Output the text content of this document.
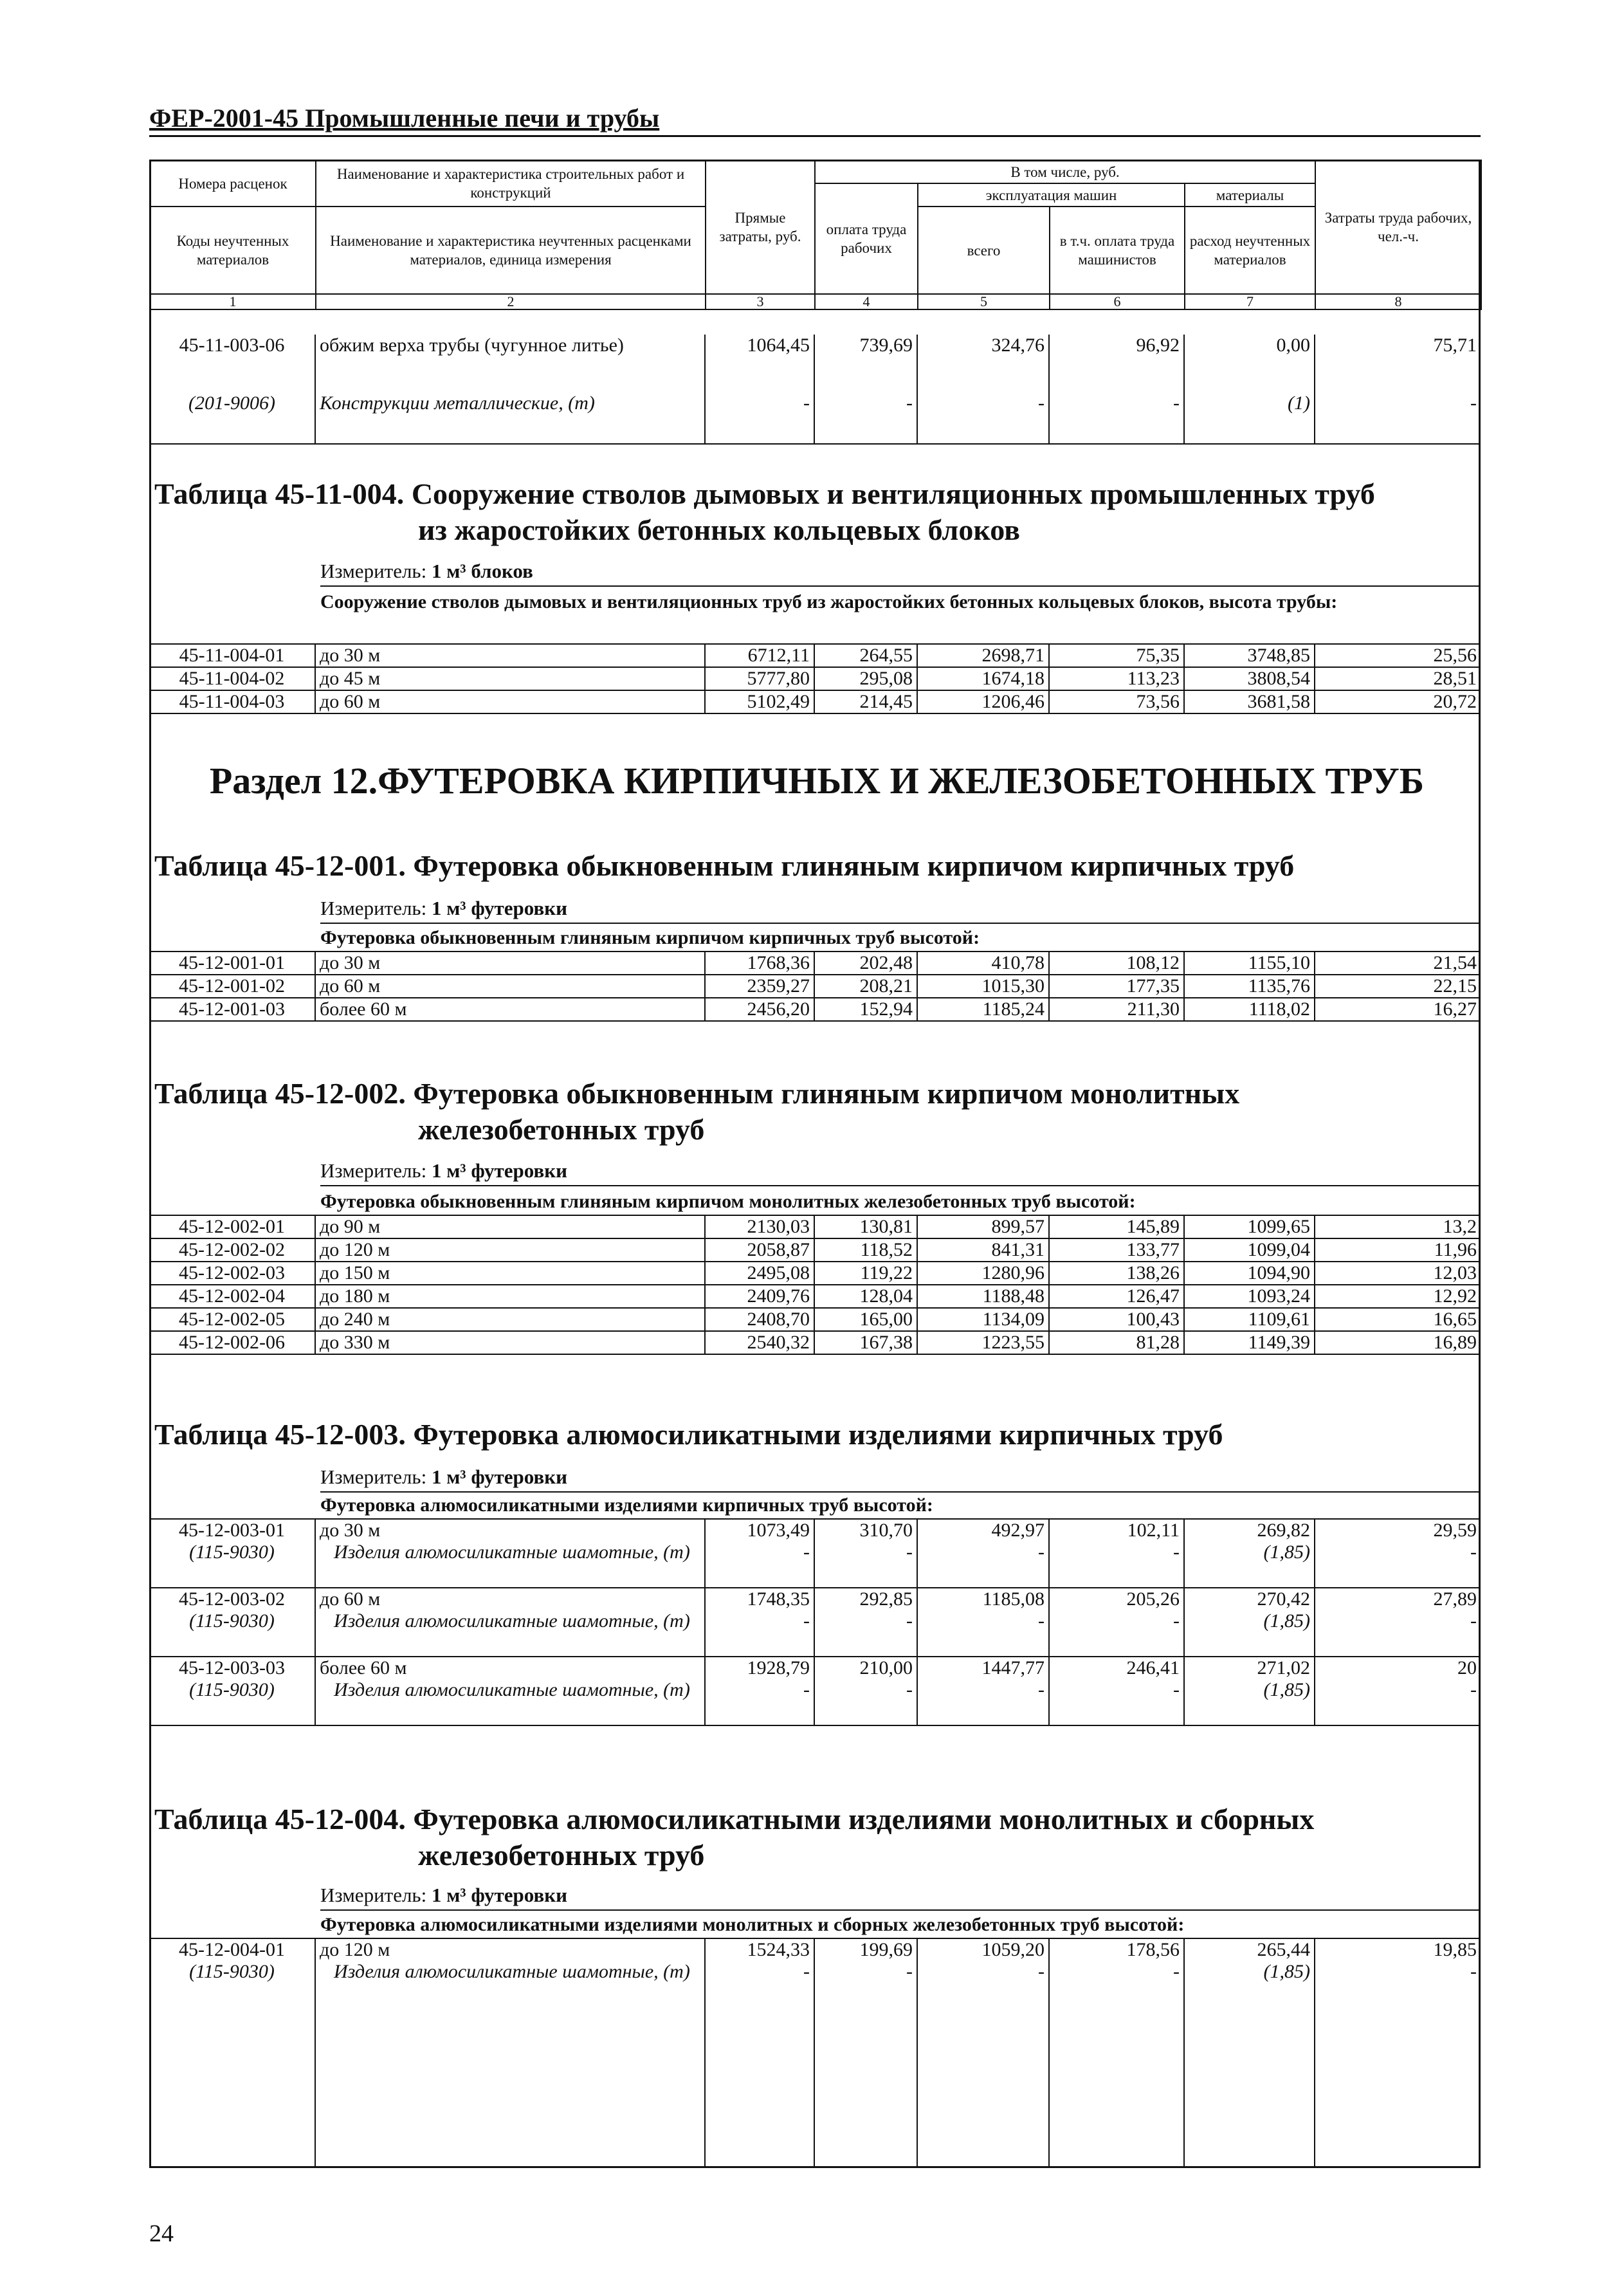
ФЕР-2001-45 Промышленные печи и трубы
Номера расценок	Наименование и характеристика строительных работ и конструкций	Прямые затраты, руб.	В том числе, руб.				Затраты труда рабочих, чел.-ч.
			оплата труда рабочих	эксплуатация машин		материалы	
Коды неучтенных материалов	Наименование и характеристика неучтенных расценками материалов, единица измерения			всего	в т.ч. оплата труда машинистов	расход неучтенных материалов	

1	2	3	4	5	6	7	8
45-11-003-06	обжим верха трубы (чугунное литье)	1064,45	739,69	324,76	96,92	0,00	75,71
(201-9006)	Конструкции металлические, (т)	-	-	-	-	(1)	-
Таблица 45-11-004. Сооружение стволов дымовых и вентиляционных промышленных труб
из жаростойких бетонных кольцевых блоков
Измеритель: 1 м³ блоков
Сооружение стволов дымовых и вентиляционных труб из жаростойких бетонных кольцевых блоков, высота трубы:
45-11-004-01	до 30 м	6712,11	264,55	2698,71	75,35	3748,85	25,56
45-11-004-02	до 45 м	5777,80	295,08	1674,18	113,23	3808,54	28,51
45-11-004-03	до 60 м	5102,49	214,45	1206,46	73,56	3681,58	20,72
Раздел 12.ФУТЕРОВКА КИРПИЧНЫХ И ЖЕЛЕЗОБЕТОННЫХ ТРУБ
Таблица 45-12-001. Футеровка обыкновенным глиняным кирпичом кирпичных труб
Измеритель: 1 м³ футеровки
Футеровка обыкновенным глиняным кирпичом кирпичных труб высотой:
45-12-001-01	до 30 м	1768,36	202,48	410,78	108,12	1155,10	21,54
45-12-001-02	до 60 м	2359,27	208,21	1015,30	177,35	1135,76	22,15
45-12-001-03	более 60 м	2456,20	152,94	1185,24	211,30	1118,02	16,27
Таблица 45-12-002. Футеровка обыкновенным глиняным кирпичом монолитных
железобетонных труб
Измеритель: 1 м³ футеровки
Футеровка обыкновенным глиняным кирпичом монолитных железобетонных труб высотой:
45-12-002-01	до 90 м	2130,03	130,81	899,57	145,89	1099,65	13,2
45-12-002-02	до 120 м	2058,87	118,52	841,31	133,77	1099,04	11,96
45-12-002-03	до 150 м	2495,08	119,22	1280,96	138,26	1094,90	12,03
45-12-002-04	до 180 м	2409,76	128,04	1188,48	126,47	1093,24	12,92
45-12-002-05	до 240 м	2408,70	165,00	1134,09	100,43	1109,61	16,65
45-12-002-06	до 330 м	2540,32	167,38	1223,55	81,28	1149,39	16,89
Таблица 45-12-003. Футеровка алюмосиликатными изделиями кирпичных труб
Измеритель: 1 м³ футеровки
Футеровка алюмосиликатными изделиями кирпичных труб высотой:
45-12-003-01	до 30 м	1073,49	310,70	492,97	102,11	269,82	29,59
(115-9030)	Изделия алюмосиликатные шамотные, (т)	-	-	-	-	(1,85)	-
45-12-003-02	до 60 м	1748,35	292,85	1185,08	205,26	270,42	27,89
(115-9030)	Изделия алюмосиликатные шамотные, (т)	-	-	-	-	(1,85)	-
45-12-003-03	более 60 м	1928,79	210,00	1447,77	246,41	271,02	20
(115-9030)	Изделия алюмосиликатные шамотные, (т)	-	-	-	-	(1,85)	-
Таблица 45-12-004. Футеровка алюмосиликатными изделиями монолитных и сборных
железобетонных труб
Измеритель: 1 м³ футеровки
Футеровка алюмосиликатными изделиями монолитных и сборных железобетонных труб высотой:
45-12-004-01	до 120 м	1524,33	199,69	1059,20	178,56	265,44	19,85
(115-9030)	Изделия алюмосиликатные шамотные, (т)	-	-	-	-	(1,85)	-
24
